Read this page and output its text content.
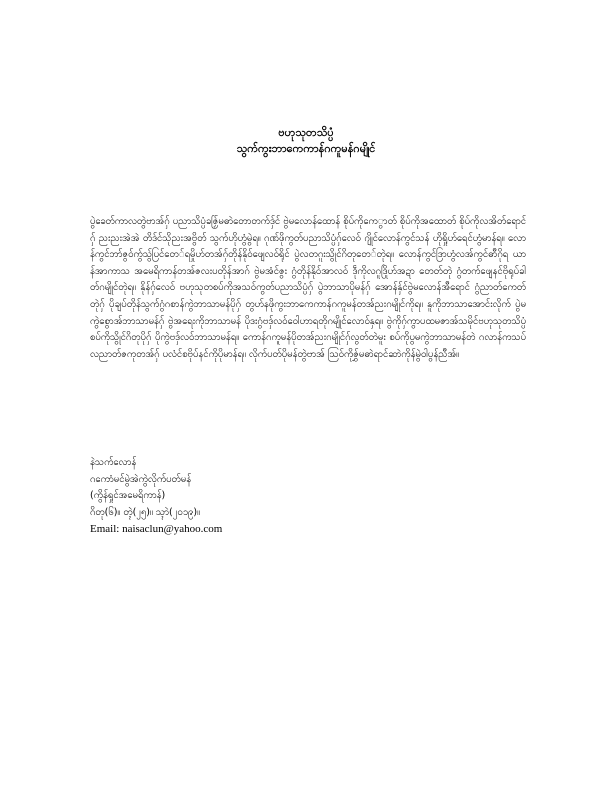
ဗဟုသုတသိပ္ပံ
သွက်ကွးဘာကေကာန်ဂကူမန်ဂမျိုင်

ပွဲခေတ်ကာလတွဲဗာအ်ဂှ် ပညာသိပ္ပံခဇြှ်မဓာဲတောတက်ဒှ်င် ဗွဲမလောန်ထောန် စိုပ်ကိုကေွာတ် စိုပ်ကိုအထောတ် စိုပ်ကိုလအိတ်ရောင်ဂှ် ညးညးအဲအဲ တိဒ်င်သိုညးအဗွိတ် သွက်ဟိုဟွံမွဲရ။ ဂုဏ်ဖိုကွတ်ပညာသိပ္ပံဂှ်လေဝ် ဂျိုင်လောန်ကွင်သန် ဟိုရှိုဟ်ရေင်ဟွံမာန်ရ။ လောန်ကွင်ဘာ်ဇွဝ်ကွ်သွ်ပြင်တေ်ရမှိုဟ်တအ်ဂှ်တိုန်နိုဝ်ဖျေလဝ်ရိုင် ပွဲလတဂူးသွိုင်ဂိတုတေ်တုဲရ။ လောန်ကွင်ဒြာဟွံလအ်ကွင်ဓာီဂိုရ ယာန်အာကာသ အမေရိကာန်တအ်ဇလးပတိုန်အာဂ် ဗွဲမအံင်ဇွး ဂွံတိုန်နိုဝ်အာလဝ် ဒဵုကိုလဂူဒြိုဟ်အဍာ တေတ်တုဲ ဂွံတက်ဖျေနင်ဗိုရုပ်ခါတ်ဂမျိုင်တုဲရ။ နိုန်ဂှ်လေဝ် ဗဟုသုတစပ်ကိုအသဝ်ကွတ်ပညာသိပ္ပံဂှ် ပွဲဘာသာပိုမန်ဂှ် အောန်နှ်င်ဗွဲမလောန်အီရောင် ဂွံညာတ်ကေတ်တုဲဂှ် ပိုချပ်တိုန်သွက်ဂွံဂစာန်ကွဲဘာသာမန်ပိုဂှ် တွဟ်နဖိုကွးဘာကေကာန်ဂကူမန်တအ်ညးဂမျိုင်ကိုရ။ နူကိုဘာသာအောင်းလိုက် ပွဲမကွဲစွောအ်ဘာသာမန်ဂှ် ဗွဲအရေးကိုဘာသာမန် ပိုဒးဂွံဗဒှ်လဝ်ဝေါဟာရတိုဂမျိုင်လောဝ်နှရ။ ဗွဲကိုဂှ်ကွာပထမဇာအ်သမိုင်ဗဟုသုတသိပ္ပံ စပ်ကိုသွိုင်ဂိတုပိုဂှ် ပိုကွဲဗဒှ်လဝ်ဘာသာမန်ရ။ ကောန်ဂကူမန်ပိုတအ်ညးဂမျိုင်ဂှ်လွတ်တဲမူး စပ်ကိုပွမကွဲဘာသာမန်တဲ ဂလာန်ကသပ်လညာတ်ဇကုတအ်ဂှ် ပလံင်စဗိုပ်နင်ကိုပိုမာန်ရ။ လိုက်ပတ်ပိုမန်တွဲဗာအ် ဩဝ်ကိုဇွှ်မဓာဲရာင်ဆာဲကိုန်မွဲဝါပွန်ညီအ်။

နဲသက်လောန်
ဂကောံမင်မွဲအဲကွဲလိုက်ပတ်မန်
(ကွိန်ရှုင်အမေရိကာန်)
ဂိတု(၆)။ တ္ၚဲ(၂၅)။ သ္ၚာဲ(၂၀၁၉)။
Email: naisaclun@yahoo.com
